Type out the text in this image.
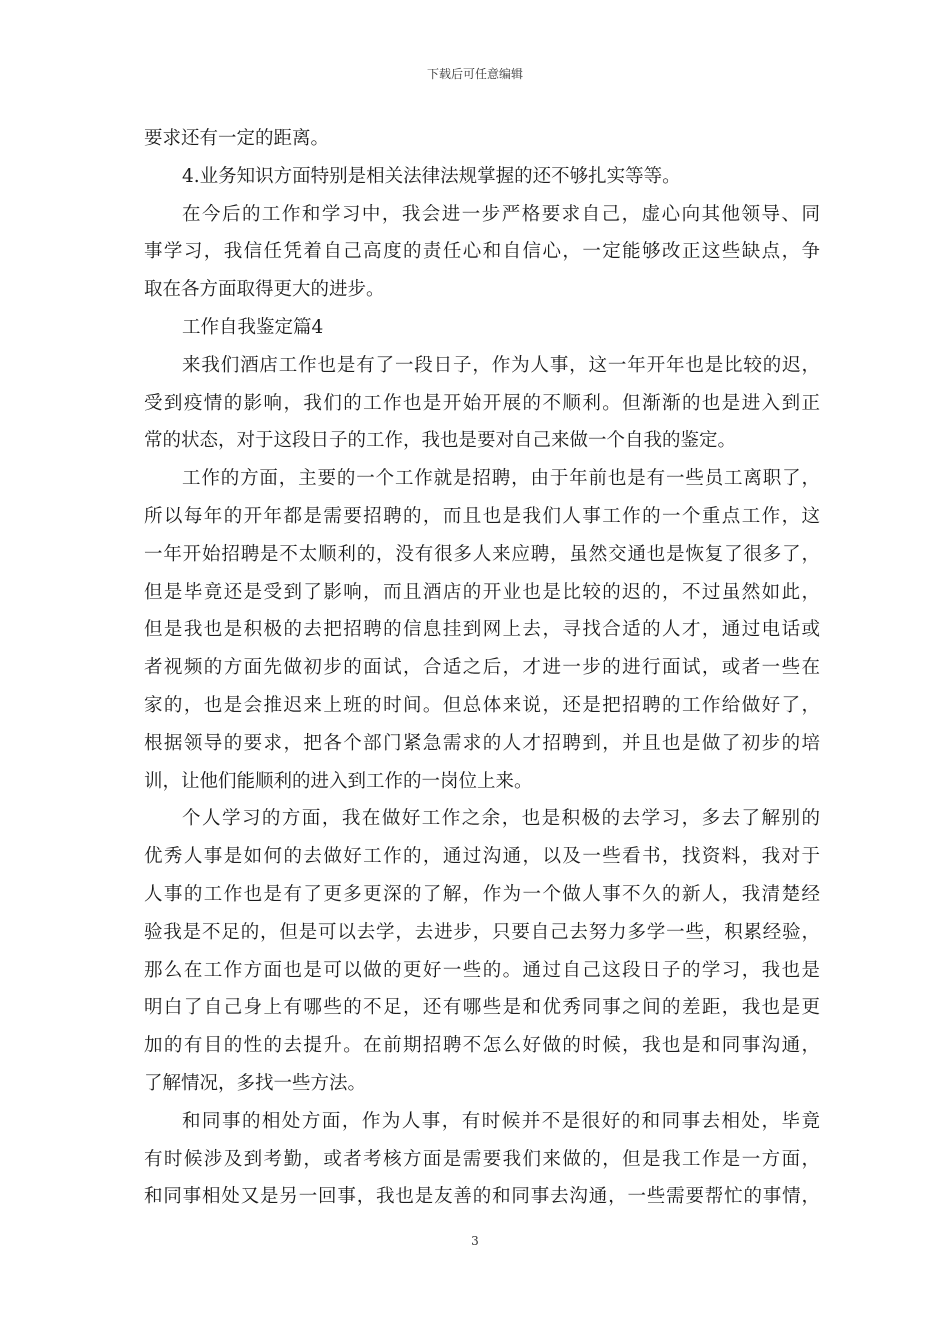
下载后可任意编辑
要求还有一定的距离。
4.业务知识方面特别是相关法律法规掌握的还不够扎实等等。
在今后的工作和学习中，我会进一步严格要求自己，虚心向其他领导、同
事学习，我信任凭着自己高度的责任心和自信心，一定能够改正这些缺点，争
取在各方面取得更大的进步。
工作自我鉴定篇4
来我们酒店工作也是有了一段日子，作为人事，这一年开年也是比较的迟，
受到疫情的影响，我们的工作也是开始开展的不顺利。但渐渐的也是进入到正
常的状态，对于这段日子的工作，我也是要对自己来做一个自我的鉴定。
工作的方面，主要的一个工作就是招聘，由于年前也是有一些员工离职了，
所以每年的开年都是需要招聘的，而且也是我们人事工作的一个重点工作，这
一年开始招聘是不太顺利的，没有很多人来应聘，虽然交通也是恢复了很多了，
但是毕竟还是受到了影响，而且酒店的开业也是比较的迟的，不过虽然如此，
但是我也是积极的去把招聘的信息挂到网上去，寻找合适的人才，通过电话或
者视频的方面先做初步的面试，合适之后，才进一步的进行面试，或者一些在
家的，也是会推迟来上班的时间。但总体来说，还是把招聘的工作给做好了，
根据领导的要求，把各个部门紧急需求的人才招聘到，并且也是做了初步的培
训，让他们能顺利的进入到工作的一岗位上来。
个人学习的方面，我在做好工作之余，也是积极的去学习，多去了解别的
优秀人事是如何的去做好工作的，通过沟通，以及一些看书，找资料，我对于
人事的工作也是有了更多更深的了解，作为一个做人事不久的新人，我清楚经
验我是不足的，但是可以去学，去进步，只要自己去努力多学一些，积累经验，
那么在工作方面也是可以做的更好一些的。通过自己这段日子的学习，我也是
明白了自己身上有哪些的不足，还有哪些是和优秀同事之间的差距，我也是更
加的有目的性的去提升。在前期招聘不怎么好做的时候，我也是和同事沟通，
了解情况，多找一些方法。
和同事的相处方面，作为人事，有时候并不是很好的和同事去相处，毕竟
有时候涉及到考勤，或者考核方面是需要我们来做的，但是我工作是一方面，
和同事相处又是另一回事，我也是友善的和同事去沟通，一些需要帮忙的事情，
3
